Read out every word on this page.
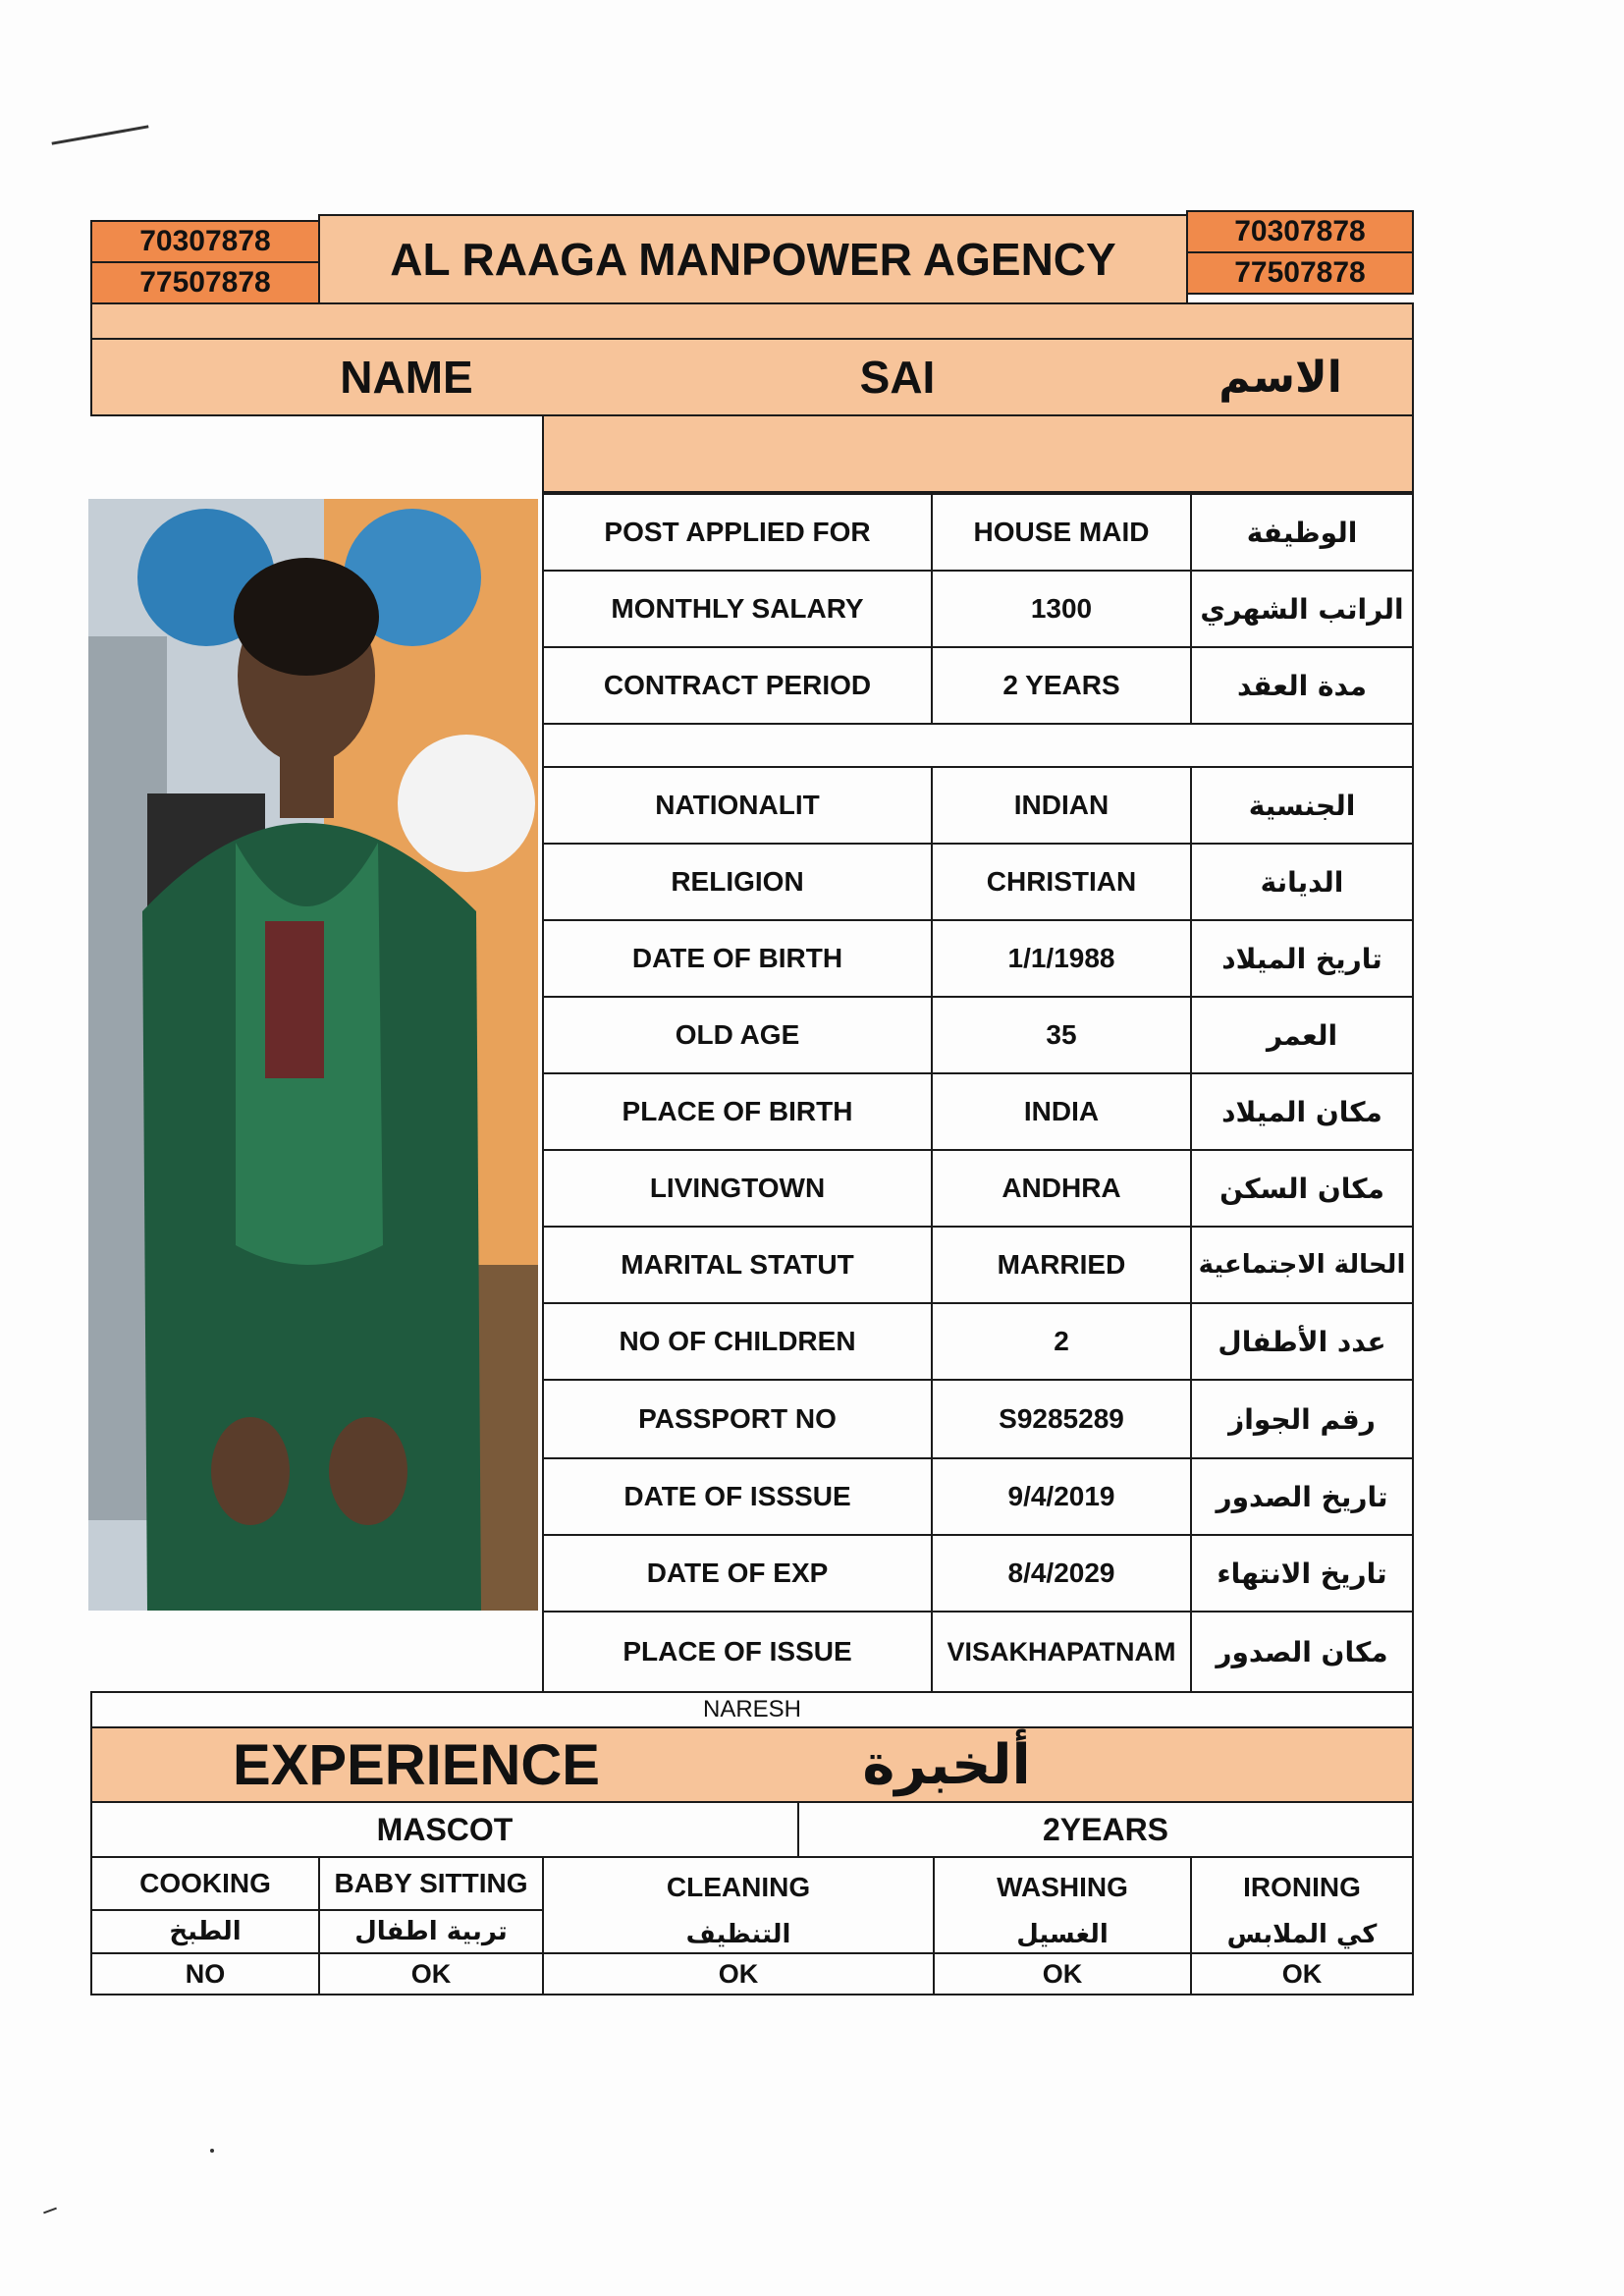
70307878
77507878	AL RAAGA MANPOWER AGENCY
70307878
77507878
NAME	SAI	الاسم
POST APPLIED FOR	HOUSE MAID	الوظيفة
MONTHLY SALARY	1300	الراتب الشهري
CONTRACT PERIOD	2 YEARS	مدة العقد
NATIONALIT	INDIAN	الجنسية
RELIGION	CHRISTIAN	الديانة
DATE OF BIRTH	1/1/1988	تاريخ الميلاد
OLD AGE	35	العمر
PLACE OF BIRTH	INDIA	مكان الميلاد
LIVINGTOWN	ANDHRA	مكان السكن
MARITAL STATUT	MARRIED	الحالة الاجتماعية
NO OF CHILDREN	2	عدد الأطفال
PASSPORT NO	S9285289	رقم الجواز
DATE OF ISSSUE	9/4/2019	تاريخ الصدور
DATE OF EXP	8/4/2029	تاريخ الانتهاء
PLACE OF ISSUE	VISAKHAPATNAM	مكان الصدور
NARESH
EXPERIENCE	ألخبرة
MASCOT	2YEARS
COOKING	BABY SITTING	CLEANING	WASHING	IRONING
الطبخ	تربية اطفال	التنظيف	الغسيل	كي الملابس
NO	OK	OK	OK	OK
